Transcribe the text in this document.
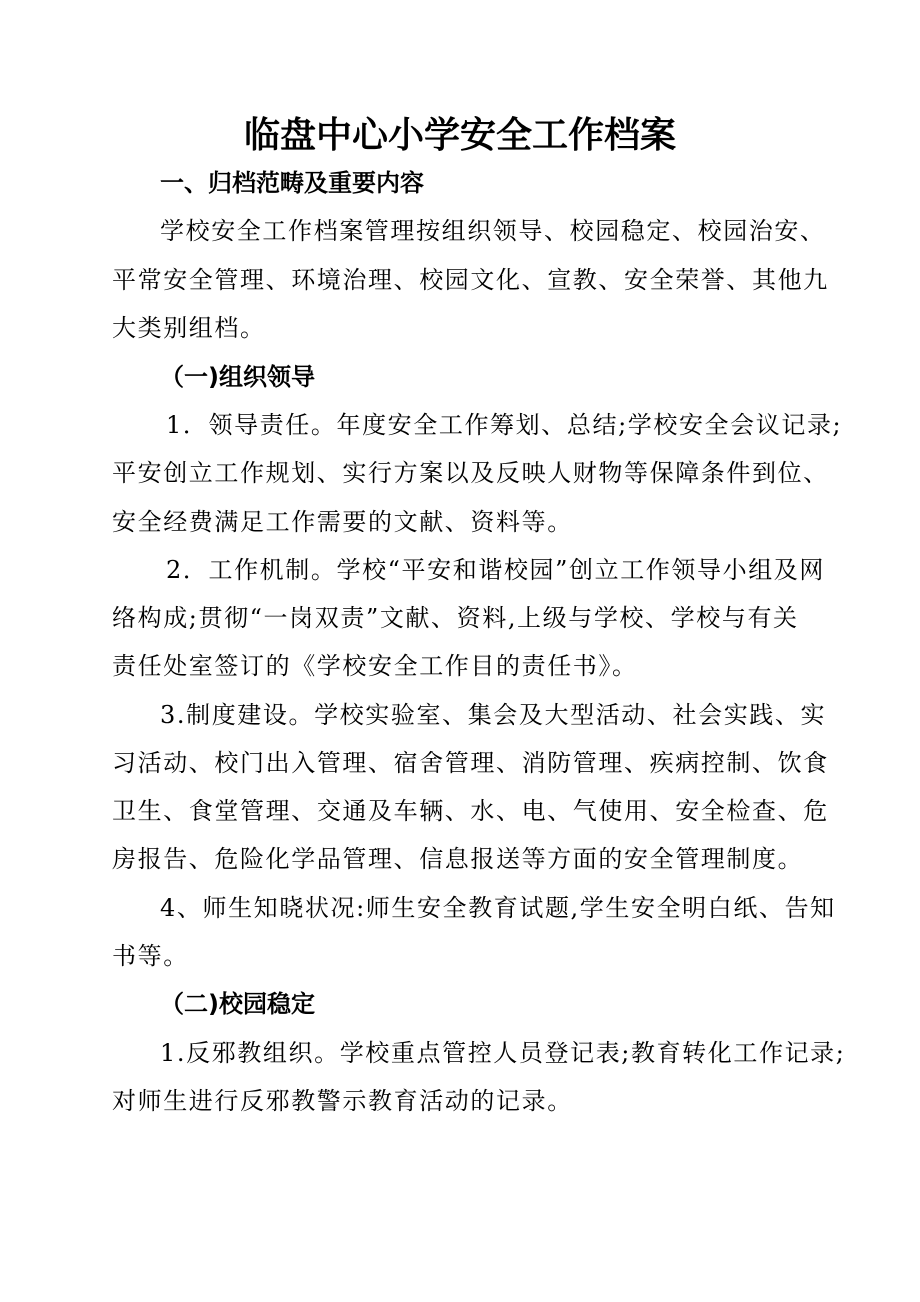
临盘中心小学安全工作档案
一、归档范畴及重要内容
学校安全工作档案管理按组织领导、校园稳定、校园治安、
平常安全管理、环境治理、校园文化、宣教、安全荣誉、其他九
大类别组档。
（一)组织领导
1．领导责任。年度安全工作筹划、总结;学校安全会议记录;
平安创立工作规划、实行方案以及反映人财物等保障条件到位、
安全经费满足工作需要的文献、资料等。
2．工作机制。学校“平安和谐校园”创立工作领导小组及网
络构成;贯彻“一岗双责”文献、资料,上级与学校、学校与有关
责任处室签订的《学校安全工作目的责任书》。
3.制度建设。学校实验室、集会及大型活动、社会实践、实
习活动、校门出入管理、宿舍管理、消防管理、疾病控制、饮食
卫生、食堂管理、交通及车辆、水、电、气使用、安全检查、危
房报告、危险化学品管理、信息报送等方面的安全管理制度。
4、师生知晓状况:师生安全教育试题,学生安全明白纸、告知
书等。
（二)校园稳定
1.反邪教组织。学校重点管控人员登记表;教育转化工作记录;
对师生进行反邪教警示教育活动的记录。
